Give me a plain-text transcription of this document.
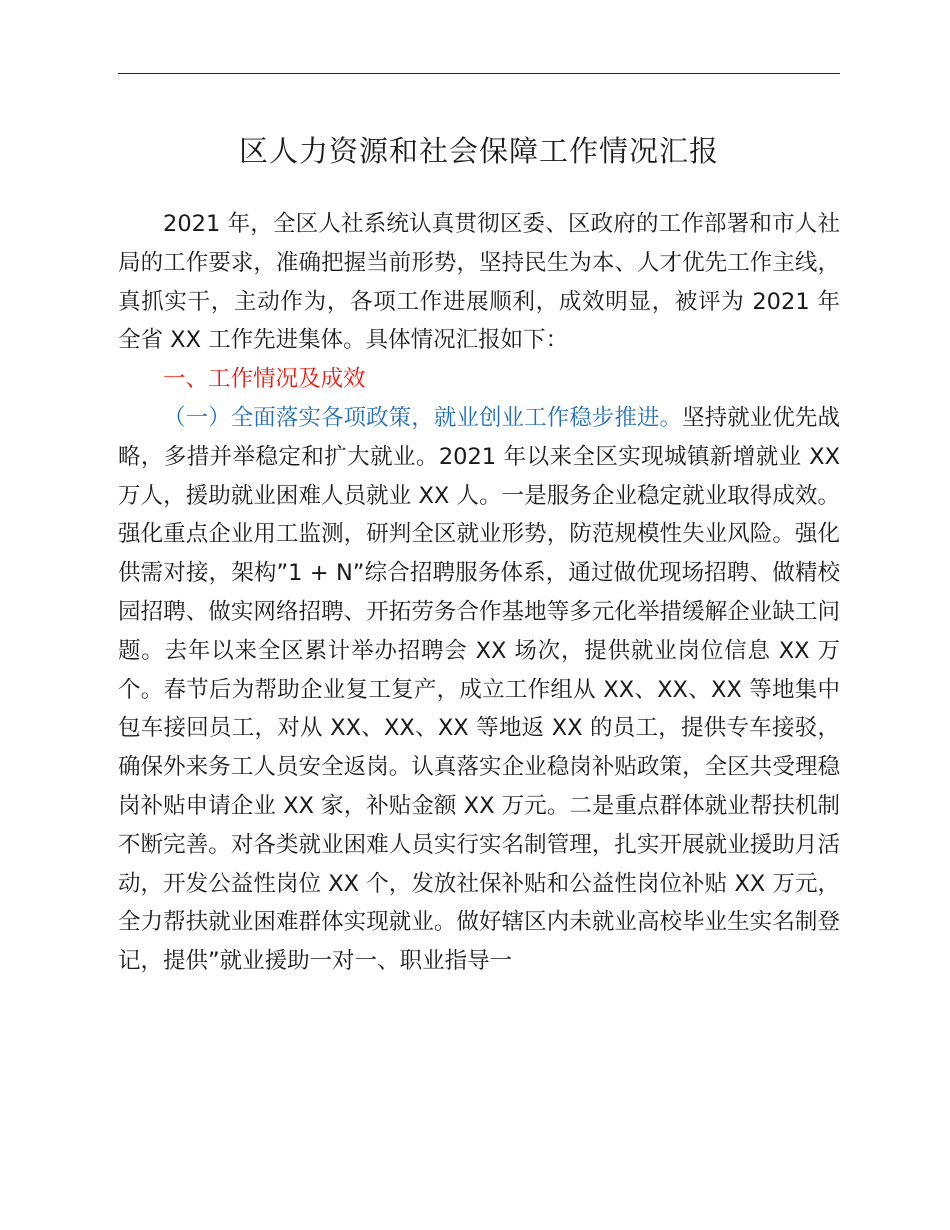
区人力资源和社会保障工作情况汇报

2021 年，全区人社系统认真贯彻区委、区政府的工作部署和市人社局的工作要求，准确把握当前形势，坚持民生为本、人才优先工作主线，真抓实干，主动作为，各项工作进展顺利，成效明显，被评为 2021 年全省 XX 工作先进集体。具体情况汇报如下：

一、工作情况及成效

（一）全面落实各项政策，就业创业工作稳步推进。坚持就业优先战略，多措并举稳定和扩大就业。2021 年以来全区实现城镇新增就业 XX 万人，援助就业困难人员就业 XX 人。一是服务企业稳定就业取得成效。强化重点企业用工监测，研判全区就业形势，防范规模性失业风险。强化供需对接，架构”1 + N”综合招聘服务体系，通过做优现场招聘、做精校园招聘、做实网络招聘、开拓劳务合作基地等多元化举措缓解企业缺工问题。去年以来全区累计举办招聘会 XX 场次，提供就业岗位信息 XX 万个。春节后为帮助企业复工复产，成立工作组从 XX、XX、XX 等地集中包车接回员工，对从 XX、XX、XX 等地返 XX 的员工，提供专车接驳，确保外来务工人员安全返岗。认真落实企业稳岗补贴政策，全区共受理稳岗补贴申请企业 XX 家，补贴金额 XX 万元。二是重点群体就业帮扶机制不断完善。对各类就业困难人员实行实名制管理，扎实开展就业援助月活动，开发公益性岗位 XX 个，发放社保补贴和公益性岗位补贴 XX 万元，全力帮扶就业困难群体实现就业。做好辖区内未就业高校毕业生实名制登记，提供”就业援助一对一、职业指导一
